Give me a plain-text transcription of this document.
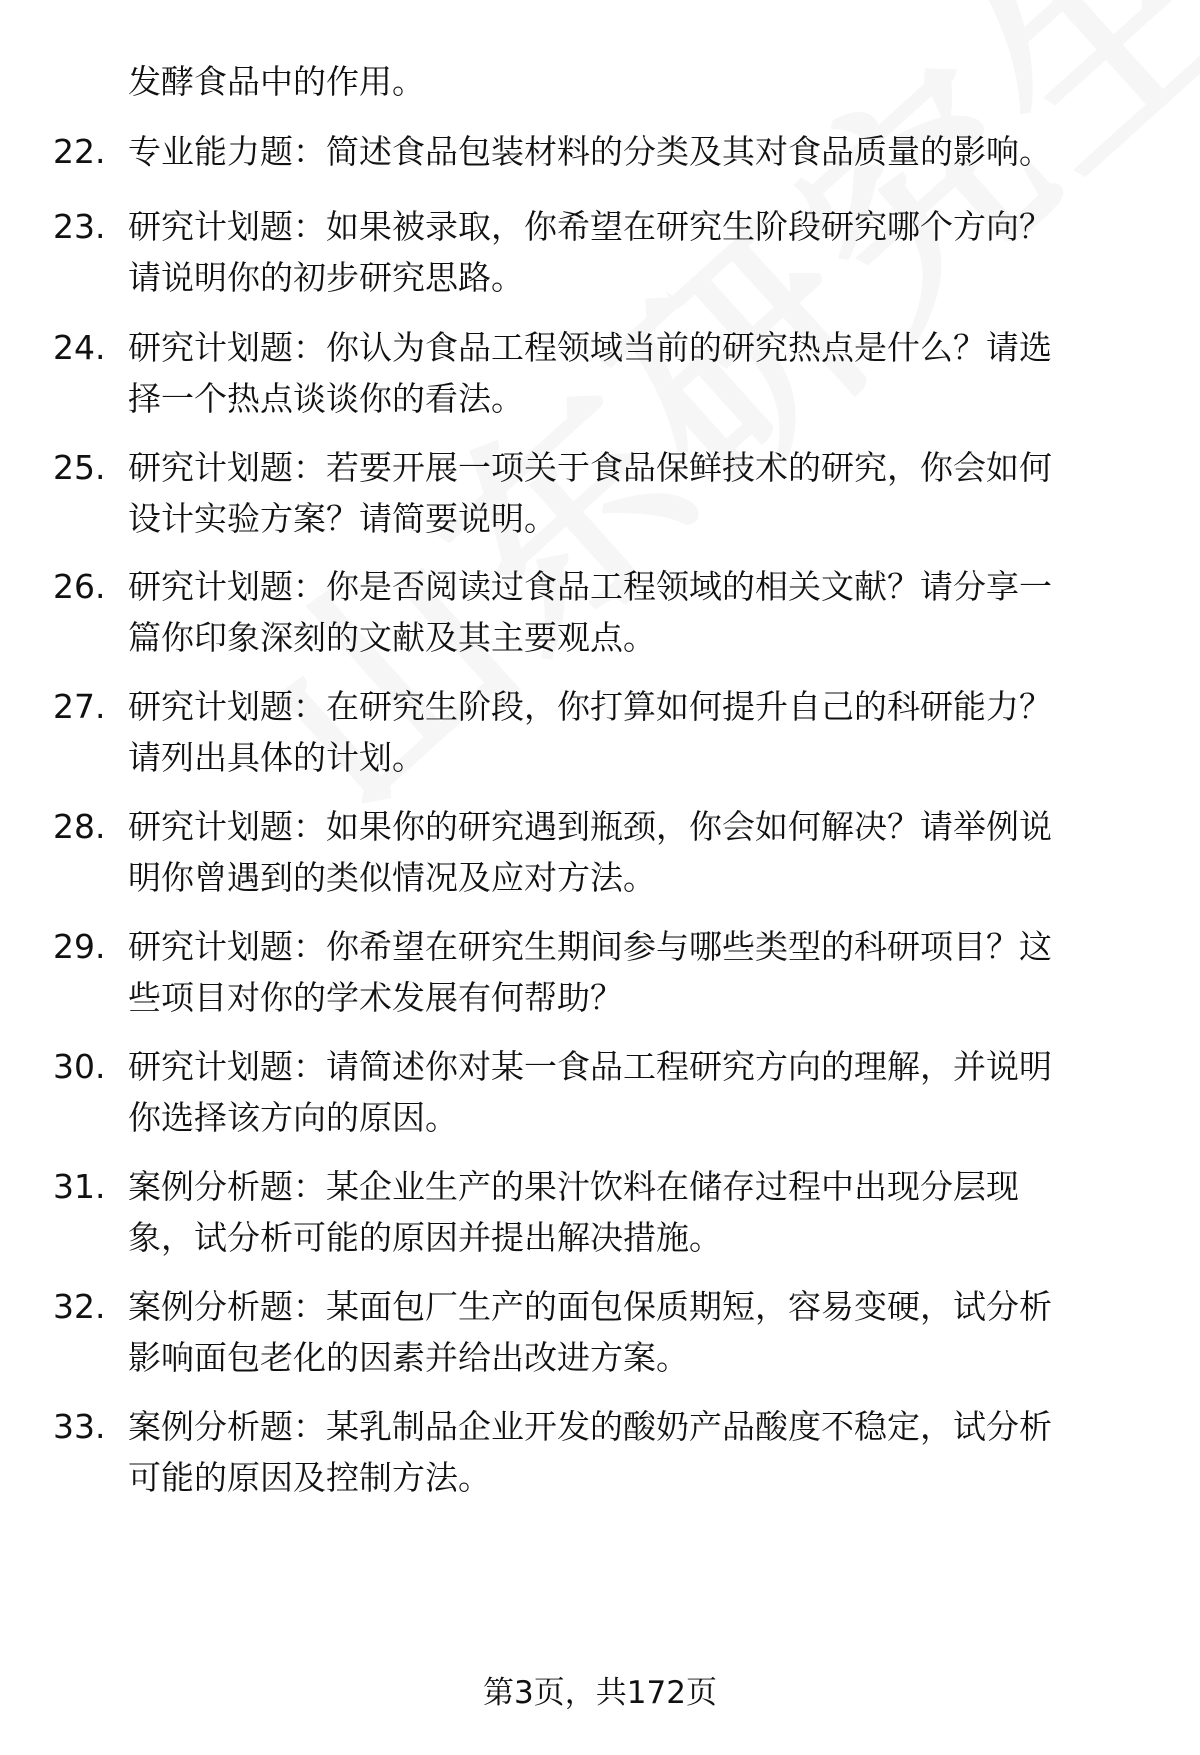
发酵食品中的作用。
22. 专业能力题：简述食品包装材料的分类及其对食品质量的影响。
23. 研究计划题：如果被录取，你希望在研究生阶段研究哪个方向？
请说明你的初步研究思路。
24. 研究计划题：你认为食品工程领域当前的研究热点是什么？请选
择一个热点谈谈你的看法。
25. 研究计划题：若要开展一项关于食品保鲜技术的研究，你会如何
设计实验方案？请简要说明。
26. 研究计划题：你是否阅读过食品工程领域的相关文献？请分享一
篇你印象深刻的文献及其主要观点。
27. 研究计划题：在研究生阶段，你打算如何提升自己的科研能力？
请列出具体的计划。
28. 研究计划题：如果你的研究遇到瓶颈，你会如何解决？请举例说
明你曾遇到的类似情况及应对方法。
29. 研究计划题：你希望在研究生期间参与哪些类型的科研项目？这
些项目对你的学术发展有何帮助？
30. 研究计划题：请简述你对某一食品工程研究方向的理解，并说明
你选择该方向的原因。
31. 案例分析题：某企业生产的果汁饮料在储存过程中出现分层现
象，试分析可能的原因并提出解决措施。
32. 案例分析题：某面包厂生产的面包保质期短，容易变硬，试分析
影响面包老化的因素并给出改进方案。
33. 案例分析题：某乳制品企业开发的酸奶产品酸度不稳定，试分析
可能的原因及控制方法。
第3页，共172页
